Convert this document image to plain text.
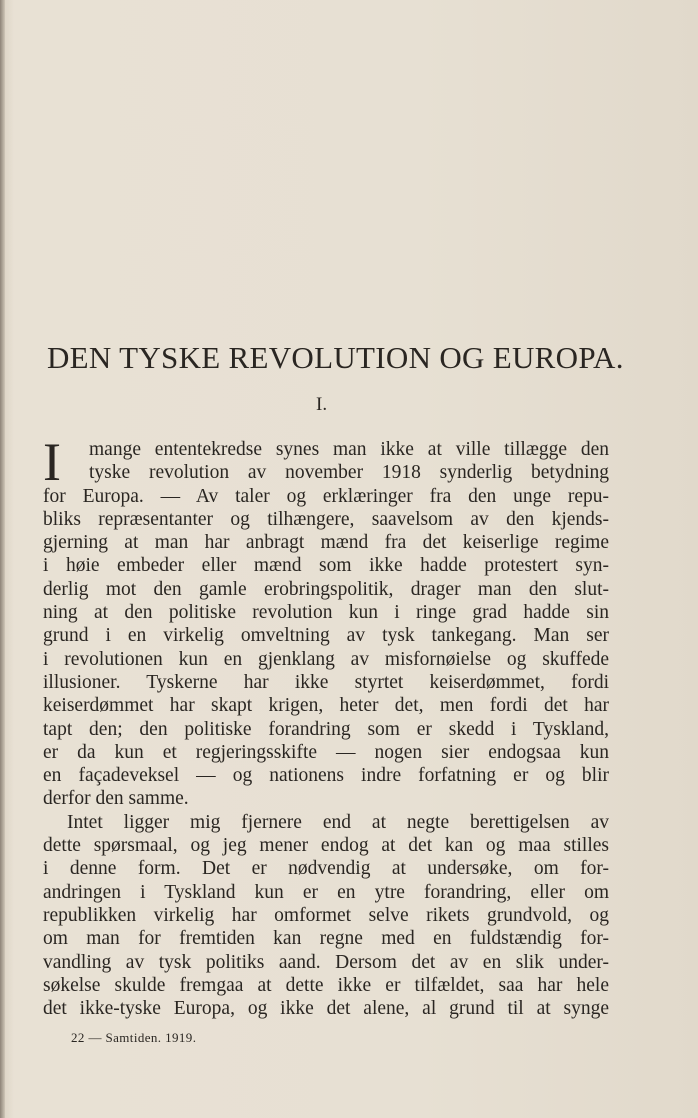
DEN TYSKE REVOLUTION OG EUROPA.
I.
I	mange ententekredse synes man ikke at ville tillægge den
tyske revolution av november 1918 synderlig betydning
for Europa. — Av taler og erklæringer fra den unge repu-
bliks repræsentanter og tilhængere, saavelsom av den kjends-
gjerning at man har anbragt mænd fra det keiserlige regime
i høie embeder eller mænd som ikke hadde protestert syn-
derlig mot den gamle erobringspolitik, drager man den slut-
ning at den politiske revolution kun i ringe grad hadde sin
grund i en virkelig omveltning av tysk tankegang. Man ser
i revolutionen kun en gjenklang av misfornøielse og skuffede
illusioner. Tyskerne har ikke styrtet keiserdømmet, fordi
keiserdømmet har skapt krigen, heter det, men fordi det har
tapt den; den politiske forandring som er skedd i Tyskland,
er da kun et regjeringsskifte — nogen sier endogsaa kun
en façadeveksel — og nationens indre forfatning er og blir
derfor den samme.
Intet ligger mig fjernere end at negte berettigelsen av
dette spørsmaal, og jeg mener endog at det kan og maa stilles
i denne form. Det er nødvendig at undersøke, om for-
andringen i Tyskland kun er en ytre forandring, eller om
republikken virkelig har omformet selve rikets grundvold, og
om man for fremtiden kan regne med en fuldstændig for-
vandling av tysk politiks aand. Dersom det av en slik under-
søkelse skulde fremgaa at dette ikke er tilfældet, saa har hele
det ikke-tyske Europa, og ikke det alene, al grund til at synge
22 — Samtiden. 1919.
